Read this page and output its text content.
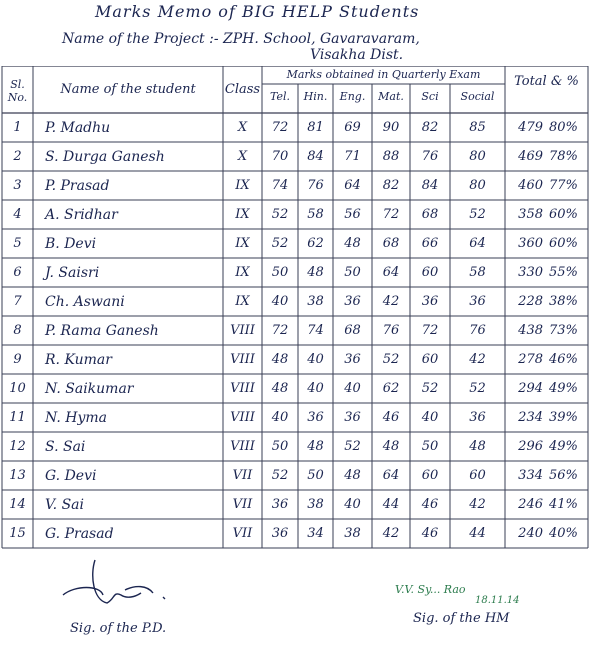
Marks Memo of BIG HELP Students
Name of the Project :- ZPH. School, Gavaravaram,
Visakha Dist.
Sl. No.
Name of the student	Class
Marks obtained in Quarterly Exam
Tel.	Hin.	Eng.	Mat.	Sci	Social
Total & %
1	P. Madhu	X	72	81	69	90	82	85	479 80%
2	S. Durga Ganesh	X	70	84	71	88	76	80	469 78%
3	P. Prasad	IX	74	76	64	82	84	80	460 77%
4	A. Sridhar	IX	52	58	56	72	68	52	358 60%
5	B. Devi	IX	52	62	48	68	66	64	360 60%
6	J. Saisri	IX	50	48	50	64	60	58	330 55%
7	Ch. Aswani	IX	40	38	36	42	36	36	228 38%
8	P. Rama Ganesh	VIII	72	74	68	76	72	76	438 73%
9	R. Kumar	VIII	48	40	36	52	60	42	278 46%
10	N. Saikumar	VIII	48	40	40	62	52	52	294 49%
11	N. Hyma	VIII	40	36	36	46	40	36	234 39%
12	S. Sai	VIII	50	48	52	48	50	48	296 49%
13	G. Devi	VII	52	50	48	64	60	60	334 56%
14	V. Sai	VII	36	38	40	44	46	42	246 41%
15	G. Prasad	VII	36	34	38	42	46	44	240 40%
Sig. of the P.D.
V.V. Sy... Rao
18.11.14
Sig. of the HM
